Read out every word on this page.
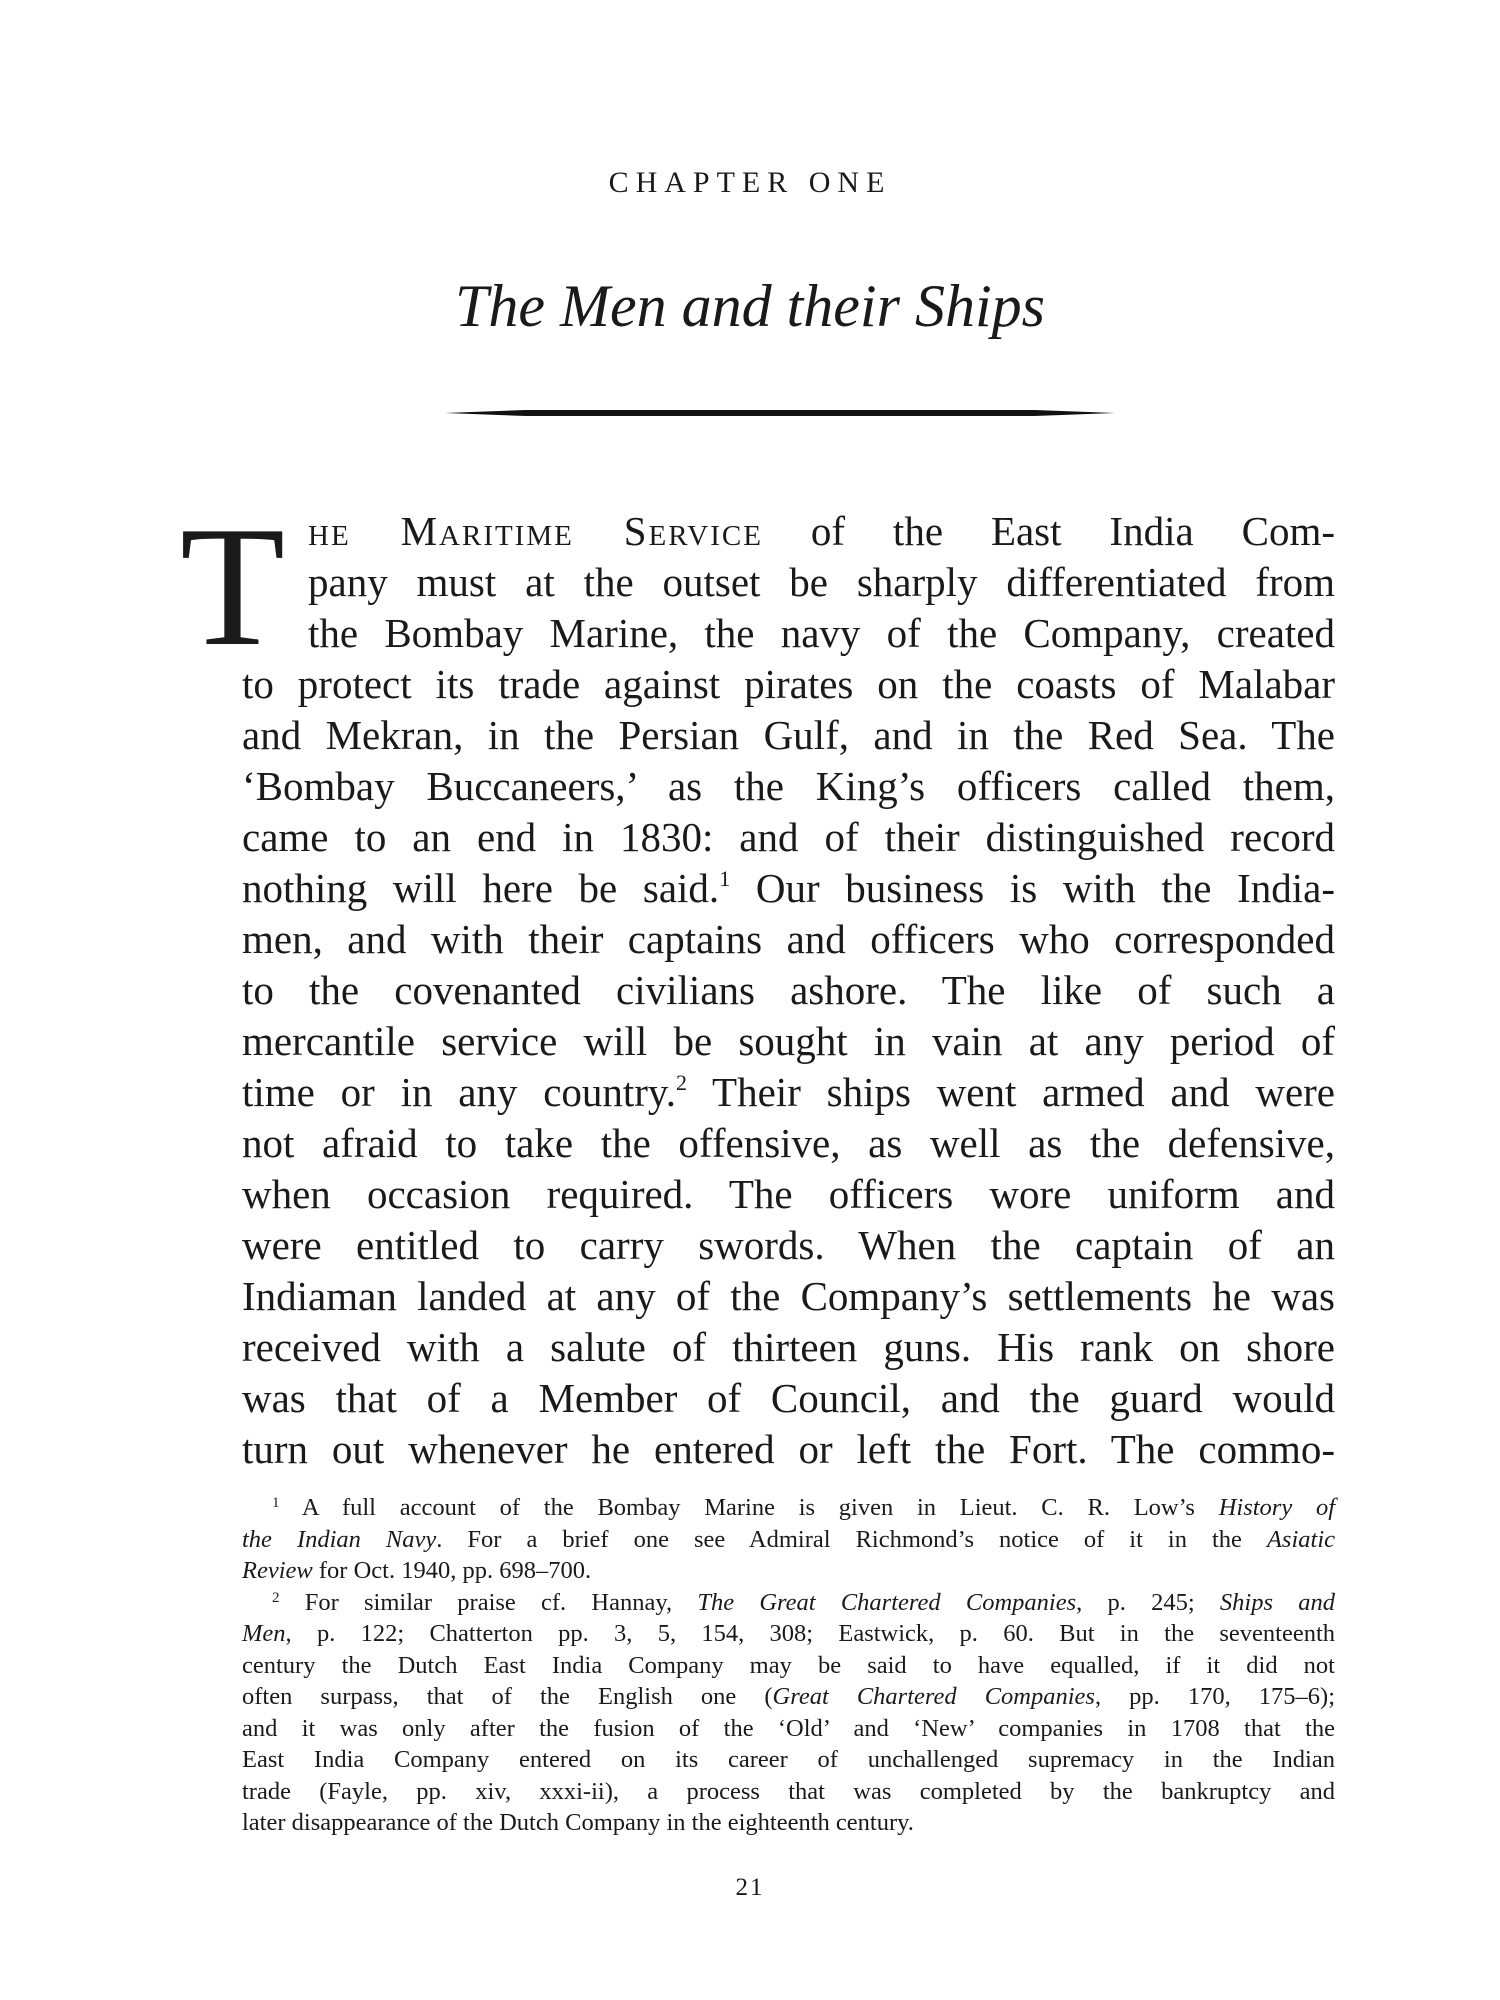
CHAPTER ONE
The Men and their Ships
T he Maritime Service of the East India Com-
pany must at the outset be sharply differentiated from
the Bombay Marine, the navy of the Company, created
to protect its trade against pirates on the coasts of Malabar
and Mekran, in the Persian Gulf, and in the Red Sea. The
‘Bombay Buccaneers,’ as the King’s officers called them,
came to an end in 1830: and of their distinguished record
nothing will here be said.$^1$ Our business is with the India-
men, and with their captains and officers who corresponded
to the covenanted civilians ashore. The like of such a
mercantile service will be sought in vain at any period of
time or in any country.$^2$ Their ships went armed and were
not afraid to take the offensive, as well as the defensive,
when occasion required. The officers wore uniform and
were entitled to carry swords. When the captain of an
Indiaman landed at any of the Company’s settlements he was
received with a salute of thirteen guns. His rank on shore
was that of a Member of Council, and the guard would
turn out whenever he entered or left the Fort. The commo-
$^1$ A full account of the Bombay Marine is given in Lieut. C. R. Low’s History of
the Indian Navy. For a brief one see Admiral Richmond’s notice of it in the Asiatic
Review for Oct. 1940, pp. 698–700.
$^2$ For similar praise cf. Hannay, The Great Chartered Companies, p. 245; Ships and
Men, p. 122; Chatterton pp. 3, 5, 154, 308; Eastwick, p. 60. But in the seventeenth
century the Dutch East India Company may be said to have equalled, if it did not
often surpass, that of the English one (Great Chartered Companies, pp. 170, 175–6);
and it was only after the fusion of the ‘Old’ and ‘New’ companies in 1708 that the
East India Company entered on its career of unchallenged supremacy in the Indian
trade (Fayle, pp. xiv, xxxi-ii), a process that was completed by the bankruptcy and
later disappearance of the Dutch Company in the eighteenth century.
21
